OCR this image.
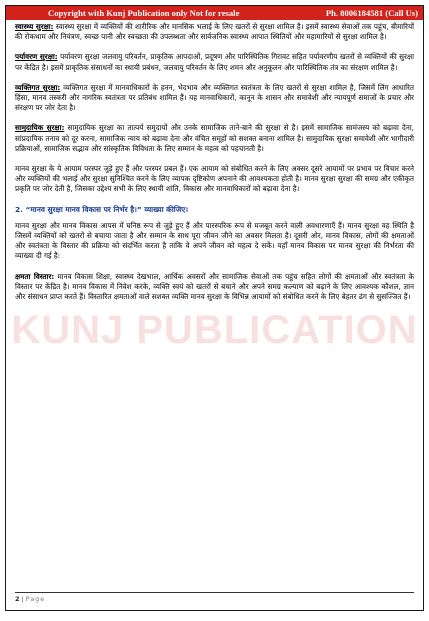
KUNJ PUBLICATION
Copyright with Kunj Publication only Not for resale	Ph. 8006184581 (Call Us)

स्वास्थ्य सुरक्षा: स्वास्थ्य सुरक्षा में व्यक्तियों की शारीरिक और मानसिक भलाई के लिए खतरों से सुरक्षा शामिल है। इसमें स्वास्थ्य सेवाओं तक पहुंच, बीमारियों की रोकथाम और नियंत्रण, स्वच्छ पानी और स्वच्छता की उपलब्धता और सार्वजनिक स्वास्थ्य आपात स्थितियों और महामारियों से सुरक्षा शामिल है।

पर्यावरण सुरक्षा: पर्यावरण सुरक्षा जलवायु परिवर्तन, प्राकृतिक आपदाओं, प्रदूषण और पारिस्थितिक गिरावट सहित पर्यावरणीय खतरों से व्यक्तियों की सुरक्षा पर केंद्रित है। इसमें प्राकृतिक संसाधनों का स्थायी प्रबंधन, जलवायु परिवर्तन के लिए शमन और अनुकूलन और पारिस्थितिक तंत्र का संरक्षण शामिल है।

व्यक्तिगत सुरक्षा: व्यक्तिगत सुरक्षा में मानवाधिकारों के हनन, भेदभाव और व्यक्तिगत स्वतंत्रता के लिए खतरों से सुरक्षा शामिल है, जिसमें लिंग आधारित हिंसा, मानव तस्करी और नागरिक स्वतंत्रता पर प्रतिबंध शामिल हैं। यह मानवाधिकारों, कानून के शासन और समावेशी और न्यायपूर्ण समाजों के प्रचार और संरक्षण पर जोर देता है।

सामुदायिक सुरक्षा: सामुदायिक सुरक्षा का तात्पर्य समुदायों और उनके सामाजिक ताने-बाने की सुरक्षा से है। इसमें सामाजिक सामंजस्य को बढ़ावा देना, सांप्रदायिक तनाव को दूर करना, सामाजिक न्याय को बढ़ावा देना और वंचित समूहों को सशक्त बनाना शामिल है। सामुदायिक सुरक्षा समावेशी और भागीदारी प्रक्रियाओं, सामाजिक सद्भाव और सांस्कृतिक विविधता के लिए सम्मान के महत्व को पहचानती है।

मानव सुरक्षा के ये आयाम परस्पर जुड़े हुए हैं और परस्पर प्रबल हैं। एक आयाम को संबोधित करने के लिए अक्सर दूसरे आयामों पर प्रभाव पर विचार करने और व्यक्तियों की भलाई और सुरक्षा सुनिश्चित करने के लिए व्यापक दृष्टिकोण अपनाने की आवश्यकता होती है। मानव सुरक्षा सुरक्षा की समग्र और एकीकृत प्रकृति पर जोर देती है, जिसका उद्देश्य सभी के लिए स्थायी शांति, विकास और मानवाधिकारों को बढ़ावा देना है।

2. “मानव सुरक्षा मानव विकास पर निर्भर है।” व्याख्या कीजिए।

मानव सुरक्षा और मानव विकास आपस में घनिष्ठ रूप से जुड़े हुए हैं और पारस्परिक रूप से मजबूत करने वाली अवधारणाएँ हैं। मानव सुरक्षा वह स्थिति है जिसमें व्यक्तियों को खतरों से बचाया जाता है और सम्मान के साथ पूरा जीवन जीने का अवसर मिलता है। दूसरी ओर, मानव विकास, लोगों की क्षमताओं और स्वतंत्रता के विस्तार की प्रक्रिया को संदर्भित करता है ताकि वे अपने जीवन को महत्व दे सकें। यहाँ मानव विकास पर मानव सुरक्षा की निर्भरता की व्याख्या दी गई है:

क्षमता विस्तार: मानव विकास शिक्षा, स्वास्थ्य देखभाल, आर्थिक अवसरों और सामाजिक सेवाओं तक पहुंच सहित लोगों की क्षमताओं और स्वतंत्रता के विस्तार पर केंद्रित है। मानव विकास में निवेश करके, व्यक्ति स्वयं को खतरों से बचाने और अपने समग्र कल्याण को बढ़ाने के लिए आवश्यक कौशल, ज्ञान और संसाधन प्राप्त करते हैं। विस्तारित क्षमताओं वाले सशक्त व्यक्ति मानव सुरक्षा के विभिन्न आयामों को संबोधित करने के लिए बेहतर ढंग से सुसज्जित हैं।

2 | Page
